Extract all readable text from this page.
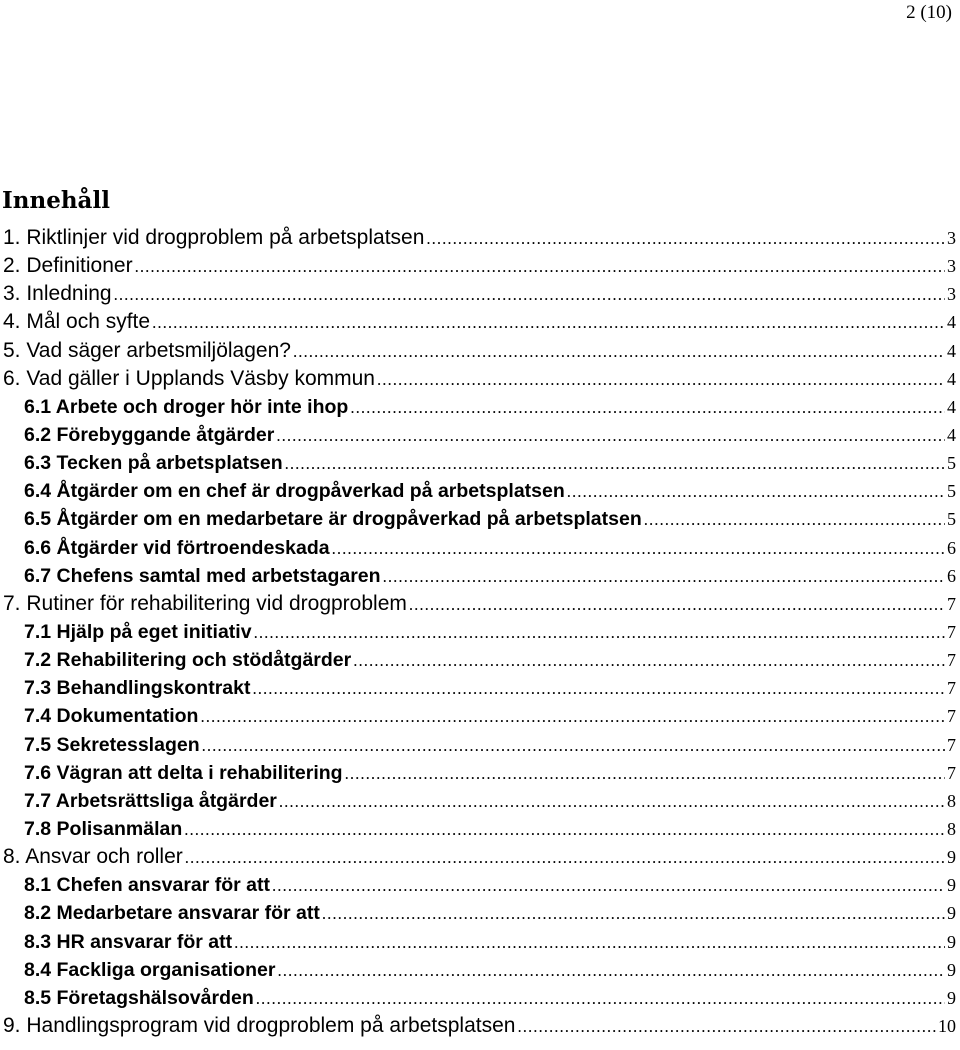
2 (10)
Innehåll
1. Riktlinjer vid drogproblem på arbetsplatsen .....	3
2. Definitioner .....	3
3. Inledning .....	3
4. Mål och syfte .....	4
5. Vad säger arbetsmiljölagen? .....	4
6. Vad gäller i Upplands Väsby kommun .....	4
6.1 Arbete och droger hör inte ihop .....	4
6.2 Förebyggande åtgärder .....	4
6.3 Tecken på arbetsplatsen .....	5
6.4 Åtgärder om en chef är drogpåverkad på arbetsplatsen .....	5
6.5 Åtgärder om en medarbetare är drogpåverkad på arbetsplatsen .....	5
6.6 Åtgärder vid förtroendeskada .....	6
6.7 Chefens samtal med arbetstagaren .....	6
7. Rutiner för rehabilitering vid drogproblem .....	7
7.1 Hjälp på eget initiativ .....	7
7.2 Rehabilitering och stödåtgärder .....	7
7.3 Behandlingskontrakt .....	7
7.4 Dokumentation .....	7
7.5 Sekretesslagen .....	7
7.6 Vägran att delta i rehabilitering .....	7
7.7 Arbetsrättsliga åtgärder .....	8
7.8 Polisanmälan .....	8
8. Ansvar och roller .....	9
8.1 Chefen ansvarar för att .....	9
8.2 Medarbetare ansvarar för att .....	9
8.3 HR ansvarar för att .....	9
8.4 Fackliga organisationer .....	9
8.5 Företagshälsovården .....	9
9. Handlingsprogram vid drogproblem på arbetsplatsen .....	10
